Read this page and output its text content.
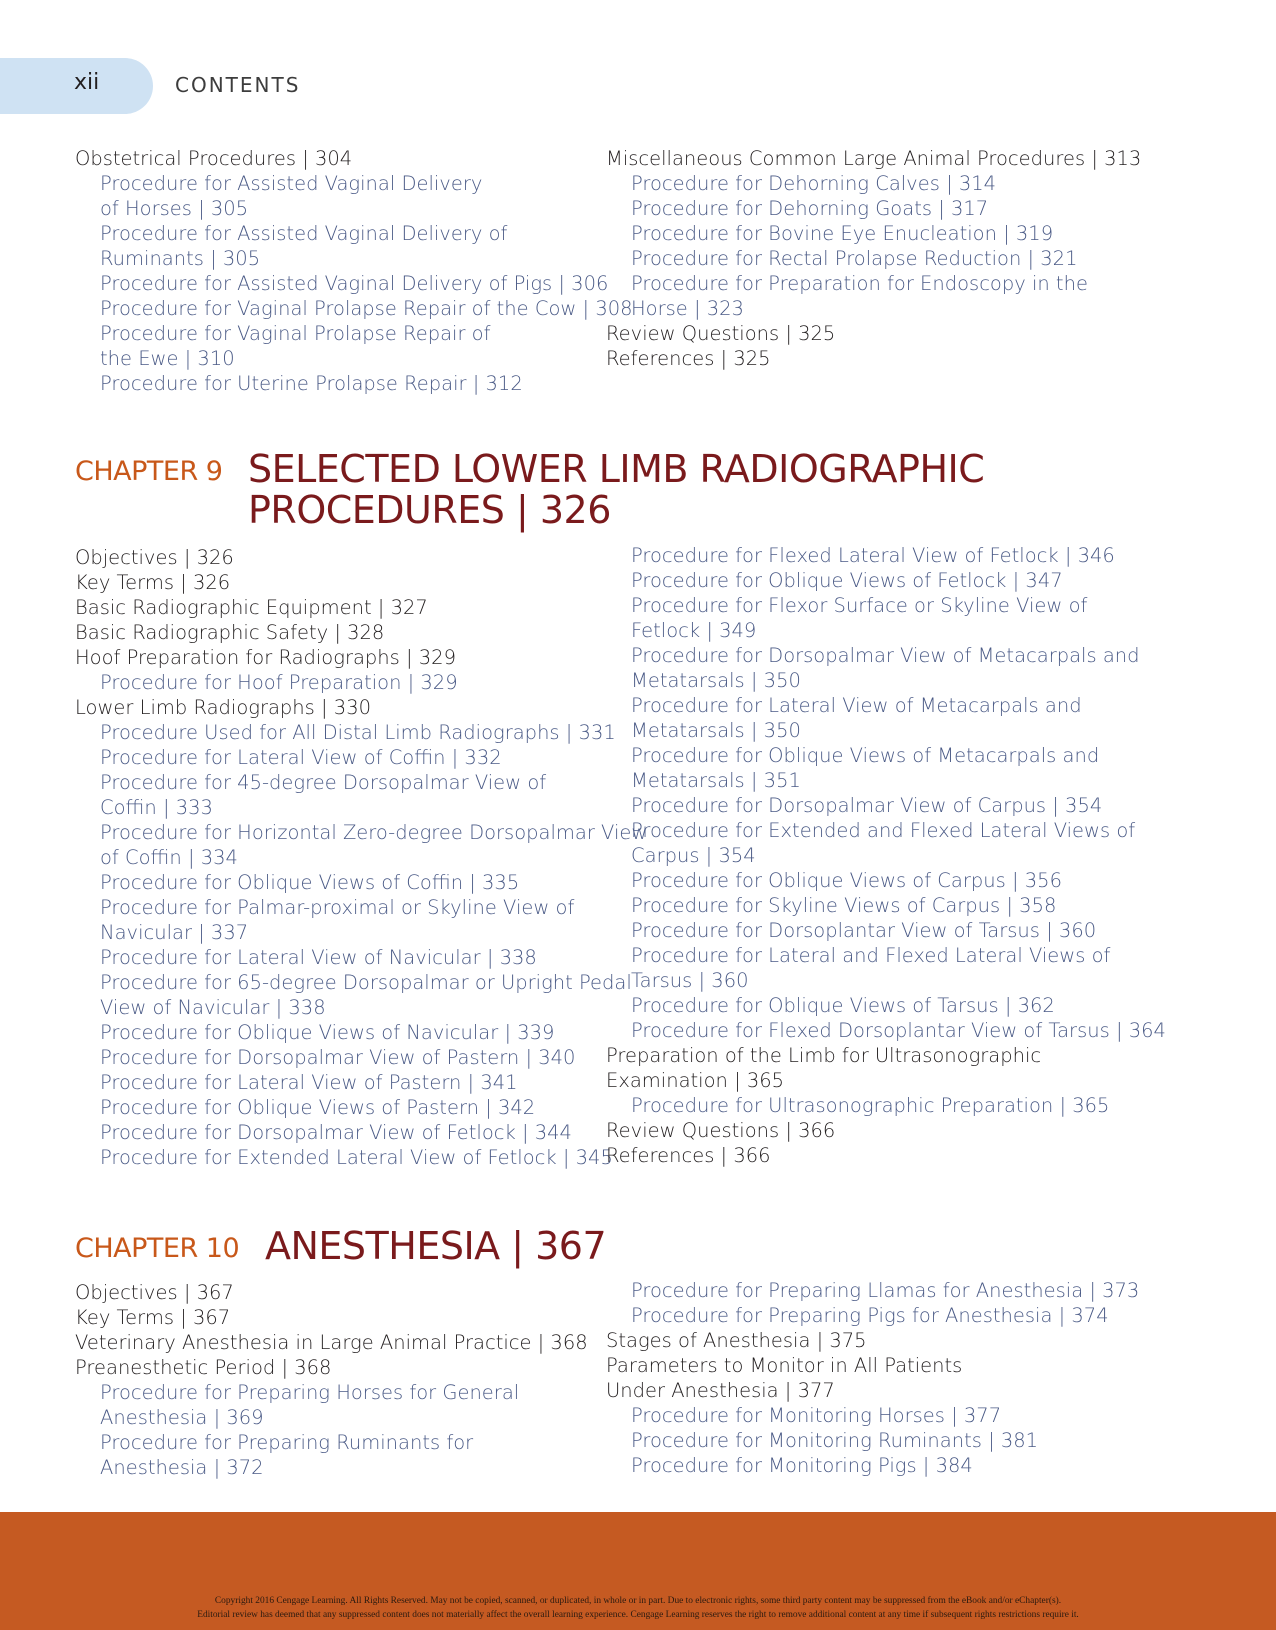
xii	CONTENTS
Obstetrical Procedures | 304
Procedure for Assisted Vaginal Delivery
of Horses | 305
Procedure for Assisted Vaginal Delivery of
Ruminants | 305
Procedure for Assisted Vaginal Delivery of Pigs | 306
Procedure for Vaginal Prolapse Repair of the Cow | 308
Procedure for Vaginal Prolapse Repair of
the Ewe | 310
Procedure for Uterine Prolapse Repair | 312
Miscellaneous Common Large Animal Procedures | 313
Procedure for Dehorning Calves | 314
Procedure for Dehorning Goats | 317
Procedure for Bovine Eye Enucleation | 319
Procedure for Rectal Prolapse Reduction | 321
Procedure for Preparation for Endoscopy in the
Horse | 323
Review Questions | 325
References | 325
CHAPTER 9 SELECTED LOWER LIMB RADIOGRAPHIC
PROCEDURES | 326
Objectives | 326
Key Terms | 326
Basic Radiographic Equipment | 327
Basic Radiographic Safety | 328
Hoof Preparation for Radiographs | 329
Procedure for Hoof Preparation | 329
Lower Limb Radiographs | 330
Procedure Used for All Distal Limb Radiographs | 331
Procedure for Lateral View of Coffin | 332
Procedure for 45-degree Dorsopalmar View of
Coffin | 333
Procedure for Horizontal Zero-degree Dorsopalmar View
of Coffin | 334
Procedure for Oblique Views of Coffin | 335
Procedure for Palmar-proximal or Skyline View of
Navicular | 337
Procedure for Lateral View of Navicular | 338
Procedure for 65-degree Dorsopalmar or Upright Pedal
View of Navicular | 338
Procedure for Oblique Views of Navicular | 339
Procedure for Dorsopalmar View of Pastern | 340
Procedure for Lateral View of Pastern | 341
Procedure for Oblique Views of Pastern | 342
Procedure for Dorsopalmar View of Fetlock | 344
Procedure for Extended Lateral View of Fetlock | 345
Procedure for Flexed Lateral View of Fetlock | 346
Procedure for Oblique Views of Fetlock | 347
Procedure for Flexor Surface or Skyline View of
Fetlock | 349
Procedure for Dorsopalmar View of Metacarpals and
Metatarsals | 350
Procedure for Lateral View of Metacarpals and
Metatarsals | 350
Procedure for Oblique Views of Metacarpals and
Metatarsals | 351
Procedure for Dorsopalmar View of Carpus | 354
Procedure for Extended and Flexed Lateral Views of
Carpus | 354
Procedure for Oblique Views of Carpus | 356
Procedure for Skyline Views of Carpus | 358
Procedure for Dorsoplantar View of Tarsus | 360
Procedure for Lateral and Flexed Lateral Views of
Tarsus | 360
Procedure for Oblique Views of Tarsus | 362
Procedure for Flexed Dorsoplantar View of Tarsus | 364
Preparation of the Limb for Ultrasonographic
Examination | 365
Procedure for Ultrasonographic Preparation | 365
Review Questions | 366
References | 366
CHAPTER 10 ANESTHESIA | 367
Objectives | 367
Key Terms | 367
Veterinary Anesthesia in Large Animal Practice | 368
Preanesthetic Period | 368
Procedure for Preparing Horses for General
Anesthesia | 369
Procedure for Preparing Ruminants for
Anesthesia | 372
Procedure for Preparing Llamas for Anesthesia | 373
Procedure for Preparing Pigs for Anesthesia | 374
Stages of Anesthesia | 375
Parameters to Monitor in All Patients
Under Anesthesia | 377
Procedure for Monitoring Horses | 377
Procedure for Monitoring Ruminants | 381
Procedure for Monitoring Pigs | 384
Copyright 2016 Cengage Learning. All Rights Reserved. May not be copied, scanned, or duplicated, in whole or in part. Due to electronic rights, some third party content may be suppressed from the eBook and/or eChapter(s).
Editorial review has deemed that any suppressed content does not materially affect the overall learning experience. Cengage Learning reserves the right to remove additional content at any time if subsequent rights restrictions require it.
